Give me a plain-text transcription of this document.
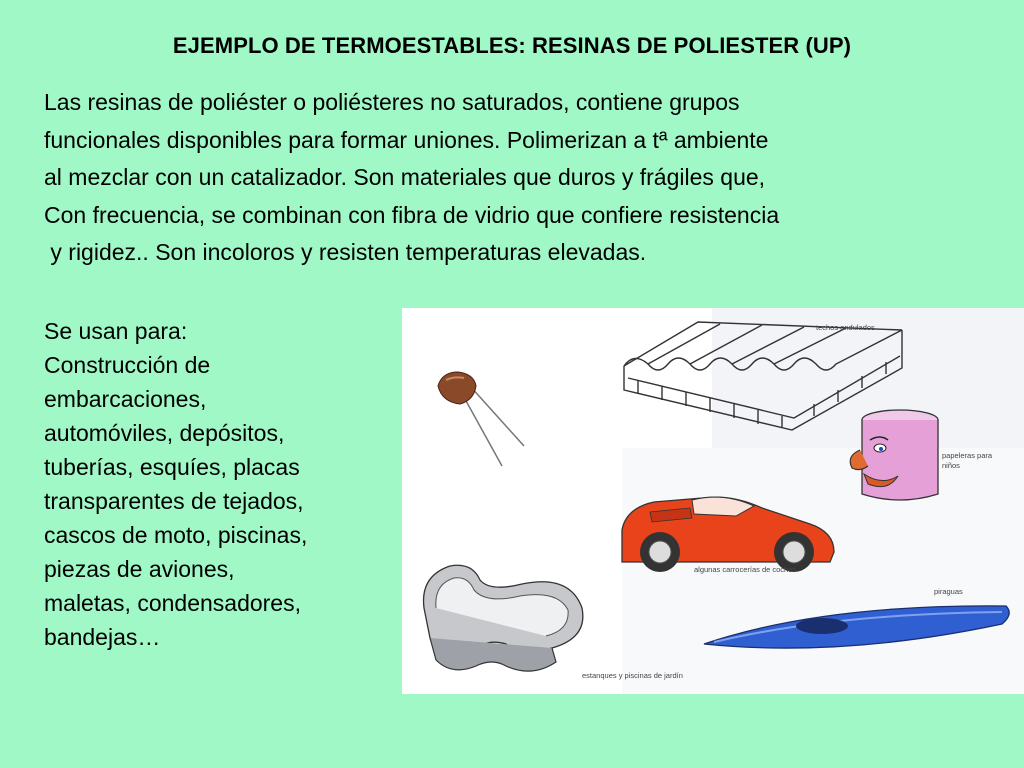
EJEMPLO DE TERMOESTABLES: RESINAS DE POLIESTER (UP)

Las resinas de poliéster o poliésteres no saturados, contiene grupos
funcionales disponibles para formar uniones. Polimerizan a tª ambiente
al mezclar con un catalizador. Son materiales que duros y frágiles que,
Con frecuencia, se combinan con fibra de vidrio que confiere resistencia
y rigidez.. Son incoloros y resisten temperaturas elevadas.

Se usan para:
Construcción de
embarcaciones,
automóviles, depósitos,
tuberías, esquíes, placas
transparentes de tejados,
cascos de moto, piscinas,
piezas de aviones,
maletas, condensadores,
bandejas…

techos ondulados
papeleras para
niños
algunas carrocerías de coches
piraguas
estanques y piscinas de jardín
